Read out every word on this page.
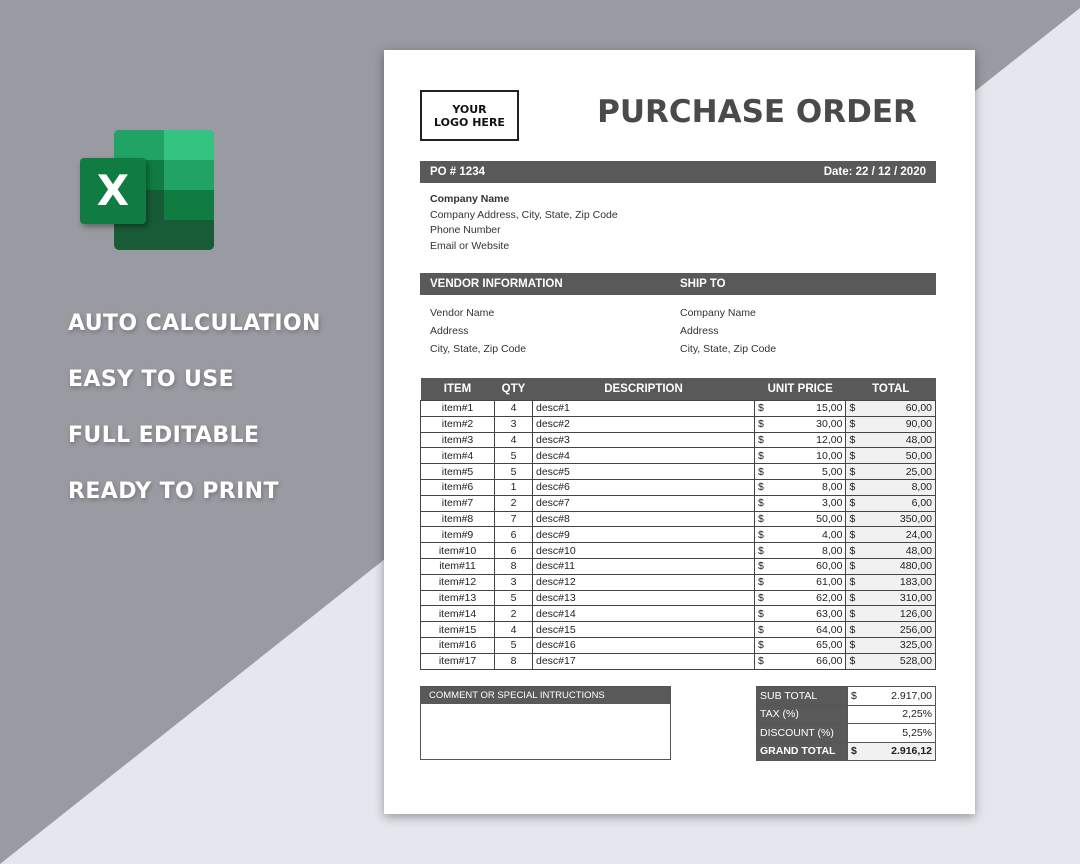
X
AUTO CALCULATION
EASY TO USE
FULL EDITABLE
READY TO PRINT
YOUR LOGO HERE	PURCHASE ORDER
PO # 1234	Date: 22 / 12 / 2020
Company Name
Company Address, City, State, Zip Code
Phone Number
Email or Website
VENDOR INFORMATION	SHIP TO
Vendor Name
Address
City, State, Zip Code
Company Name
Address
City, State, Zip Code
ITEM	QTY	DESCRIPTION	UNIT PRICE		TOTAL	
item#1	4	desc#1	$	15,00	$	60,00
item#2	3	desc#2	$	30,00	$	90,00
item#3	4	desc#3	$	12,00	$	48,00
item#4	5	desc#4	$	10,00	$	50,00
item#5	5	desc#5	$	5,00	$	25,00
item#6	1	desc#6	$	8,00	$	8,00
item#7	2	desc#7	$	3,00	$	6,00
item#8	7	desc#8	$	50,00	$	350,00
item#9	6	desc#9	$	4,00	$	24,00
item#10	6	desc#10	$	8,00	$	48,00
item#11	8	desc#11	$	60,00	$	480,00
item#12	3	desc#12	$	61,00	$	183,00
item#13	5	desc#13	$	62,00	$	310,00
item#14	2	desc#14	$	63,00	$	126,00
item#15	4	desc#15	$	64,00	$	256,00
item#16	5	desc#16	$	65,00	$	325,00
item#17	8	desc#17	$	66,00	$	528,00
COMMENT OR SPECIAL INTRUCTIONS	SUB TOTAL	$	2.917,00
TAX (%)	2,25%	
DISCOUNT (%)	5,25%	
GRAND TOTAL	$	2.916,12
